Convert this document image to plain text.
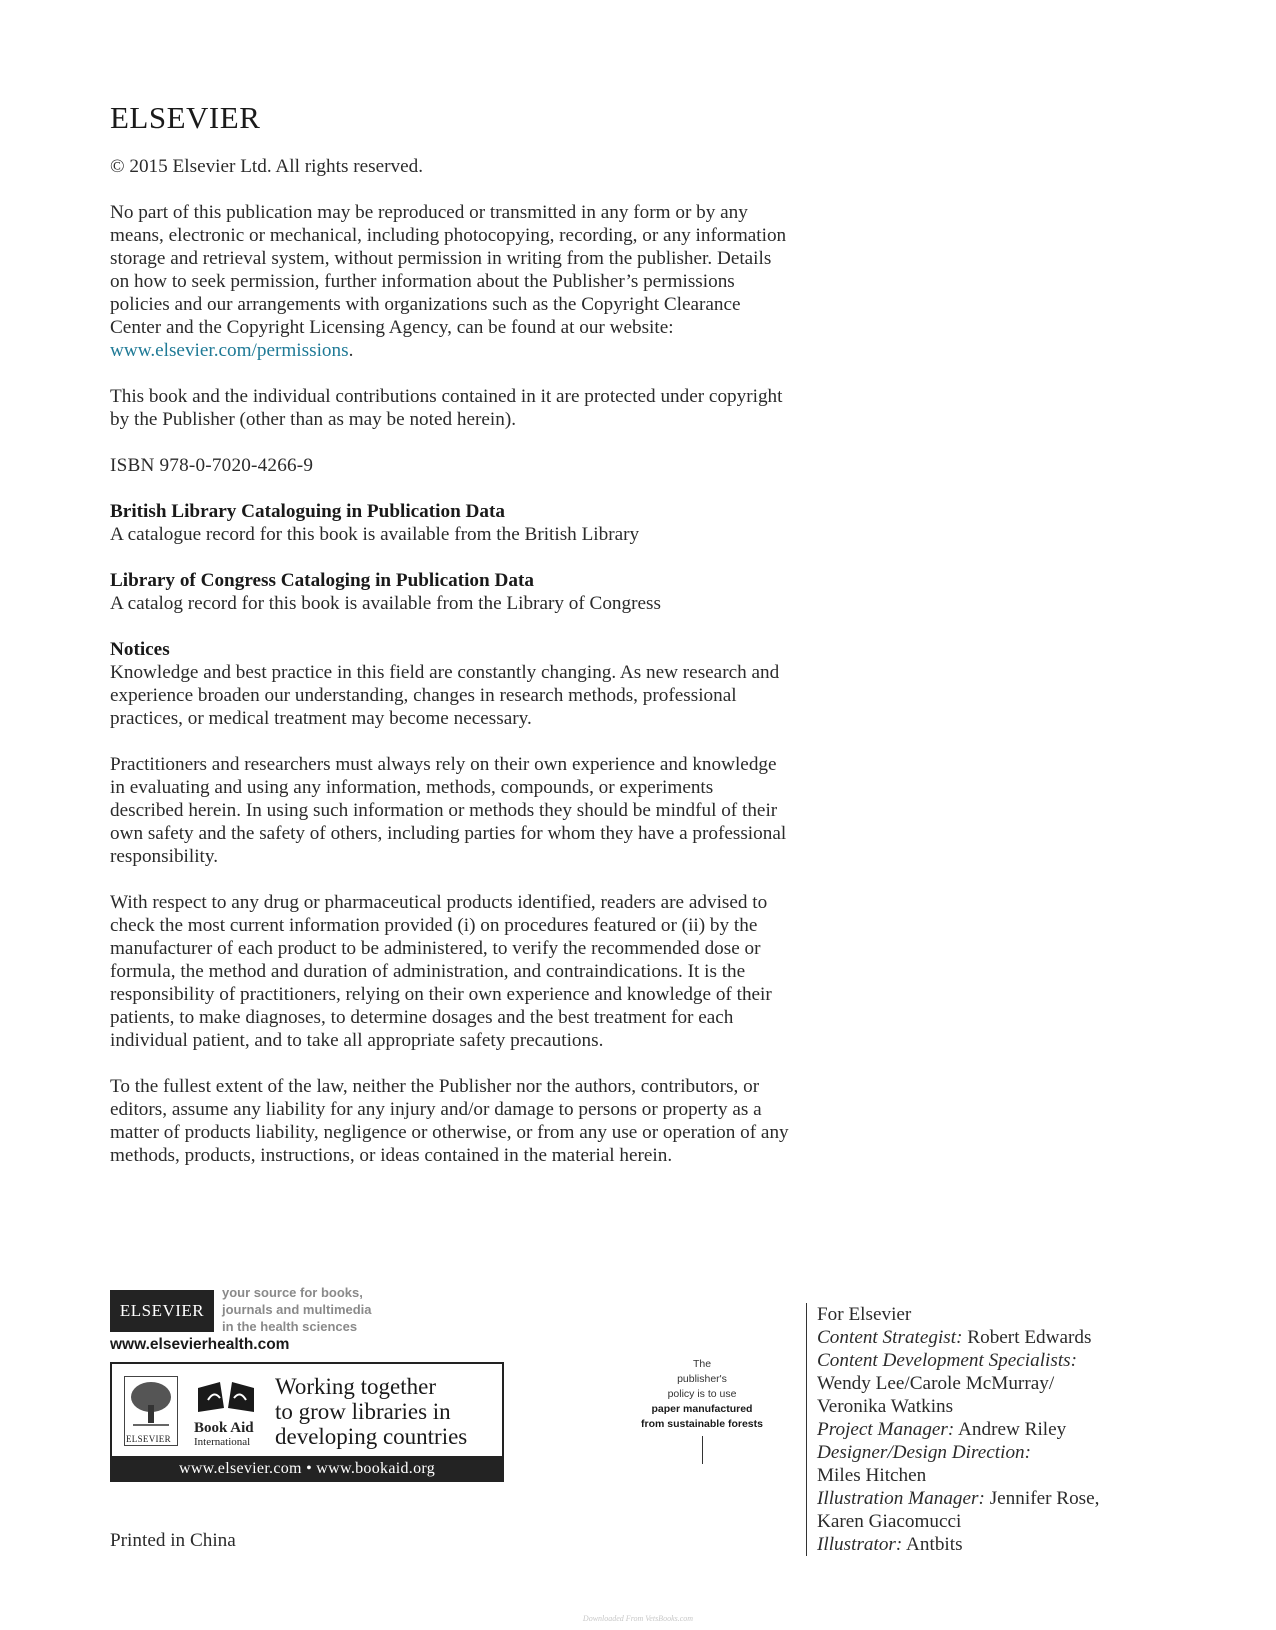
ELSEVIER

© 2015 Elsevier Ltd. All rights reserved.

No part of this publication may be reproduced or transmitted in any form or by any means, electronic or mechanical, including photocopying, recording, or any information storage and retrieval system, without permission in writing from the publisher. Details on how to seek permission, further information about the Publisher’s permissions policies and our arrangements with organizations such as the Copyright Clearance Center and the Copyright Licensing Agency, can be found at our website: www.elsevier.com/permissions.

This book and the individual contributions contained in it are protected under copyright by the Publisher (other than as may be noted herein).

ISBN 978-0-7020-4266-9

British Library Cataloguing in Publication Data
A catalogue record for this book is available from the British Library

Library of Congress Cataloging in Publication Data
A catalog record for this book is available from the Library of Congress

Notices
Knowledge and best practice in this field are constantly changing. As new research and experience broaden our understanding, changes in research methods, professional practices, or medical treatment may become necessary.

Practitioners and researchers must always rely on their own experience and knowledge in evaluating and using any information, methods, compounds, or experiments described herein. In using such information or methods they should be mindful of their own safety and the safety of others, including parties for whom they have a professional responsibility.

With respect to any drug or pharmaceutical products identified, readers are advised to check the most current information provided (i) on procedures featured or (ii) by the manufacturer of each product to be administered, to verify the recommended dose or formula, the method and duration of administration, and contraindications. It is the responsibility of practitioners, relying on their own experience and knowledge of their patients, to make diagnoses, to determine dosages and the best treatment for each individual patient, and to take all appropriate safety precautions.

To the fullest extent of the law, neither the Publisher nor the authors, contributors, or editors, assume any liability for any injury and/or damage to persons or property as a matter of products liability, negligence or otherwise, or from any use or operation of any methods, products, instructions, or ideas contained in the material herein.

ELSEVIER
your source for books,
journals and multimedia
in the health sciences
www.elsevierhealth.com
ELSEVIER
Book Aid
International
Working together
to grow libraries in
developing countries
www.elsevier.com • www.bookaid.org
Printed in China
The
publisher's
policy is to use
paper manufactured
from sustainable forests
For Elsevier
Content Strategist: Robert Edwards
Content Development Specialists:
Wendy Lee/Carole McMurray/
Veronika Watkins
Project Manager: Andrew Riley
Designer/Design Direction:
Miles Hitchen
Illustration Manager: Jennifer Rose,
Karen Giacomucci
Illustrator: Antbits
Downloaded From VetsBooks.com
